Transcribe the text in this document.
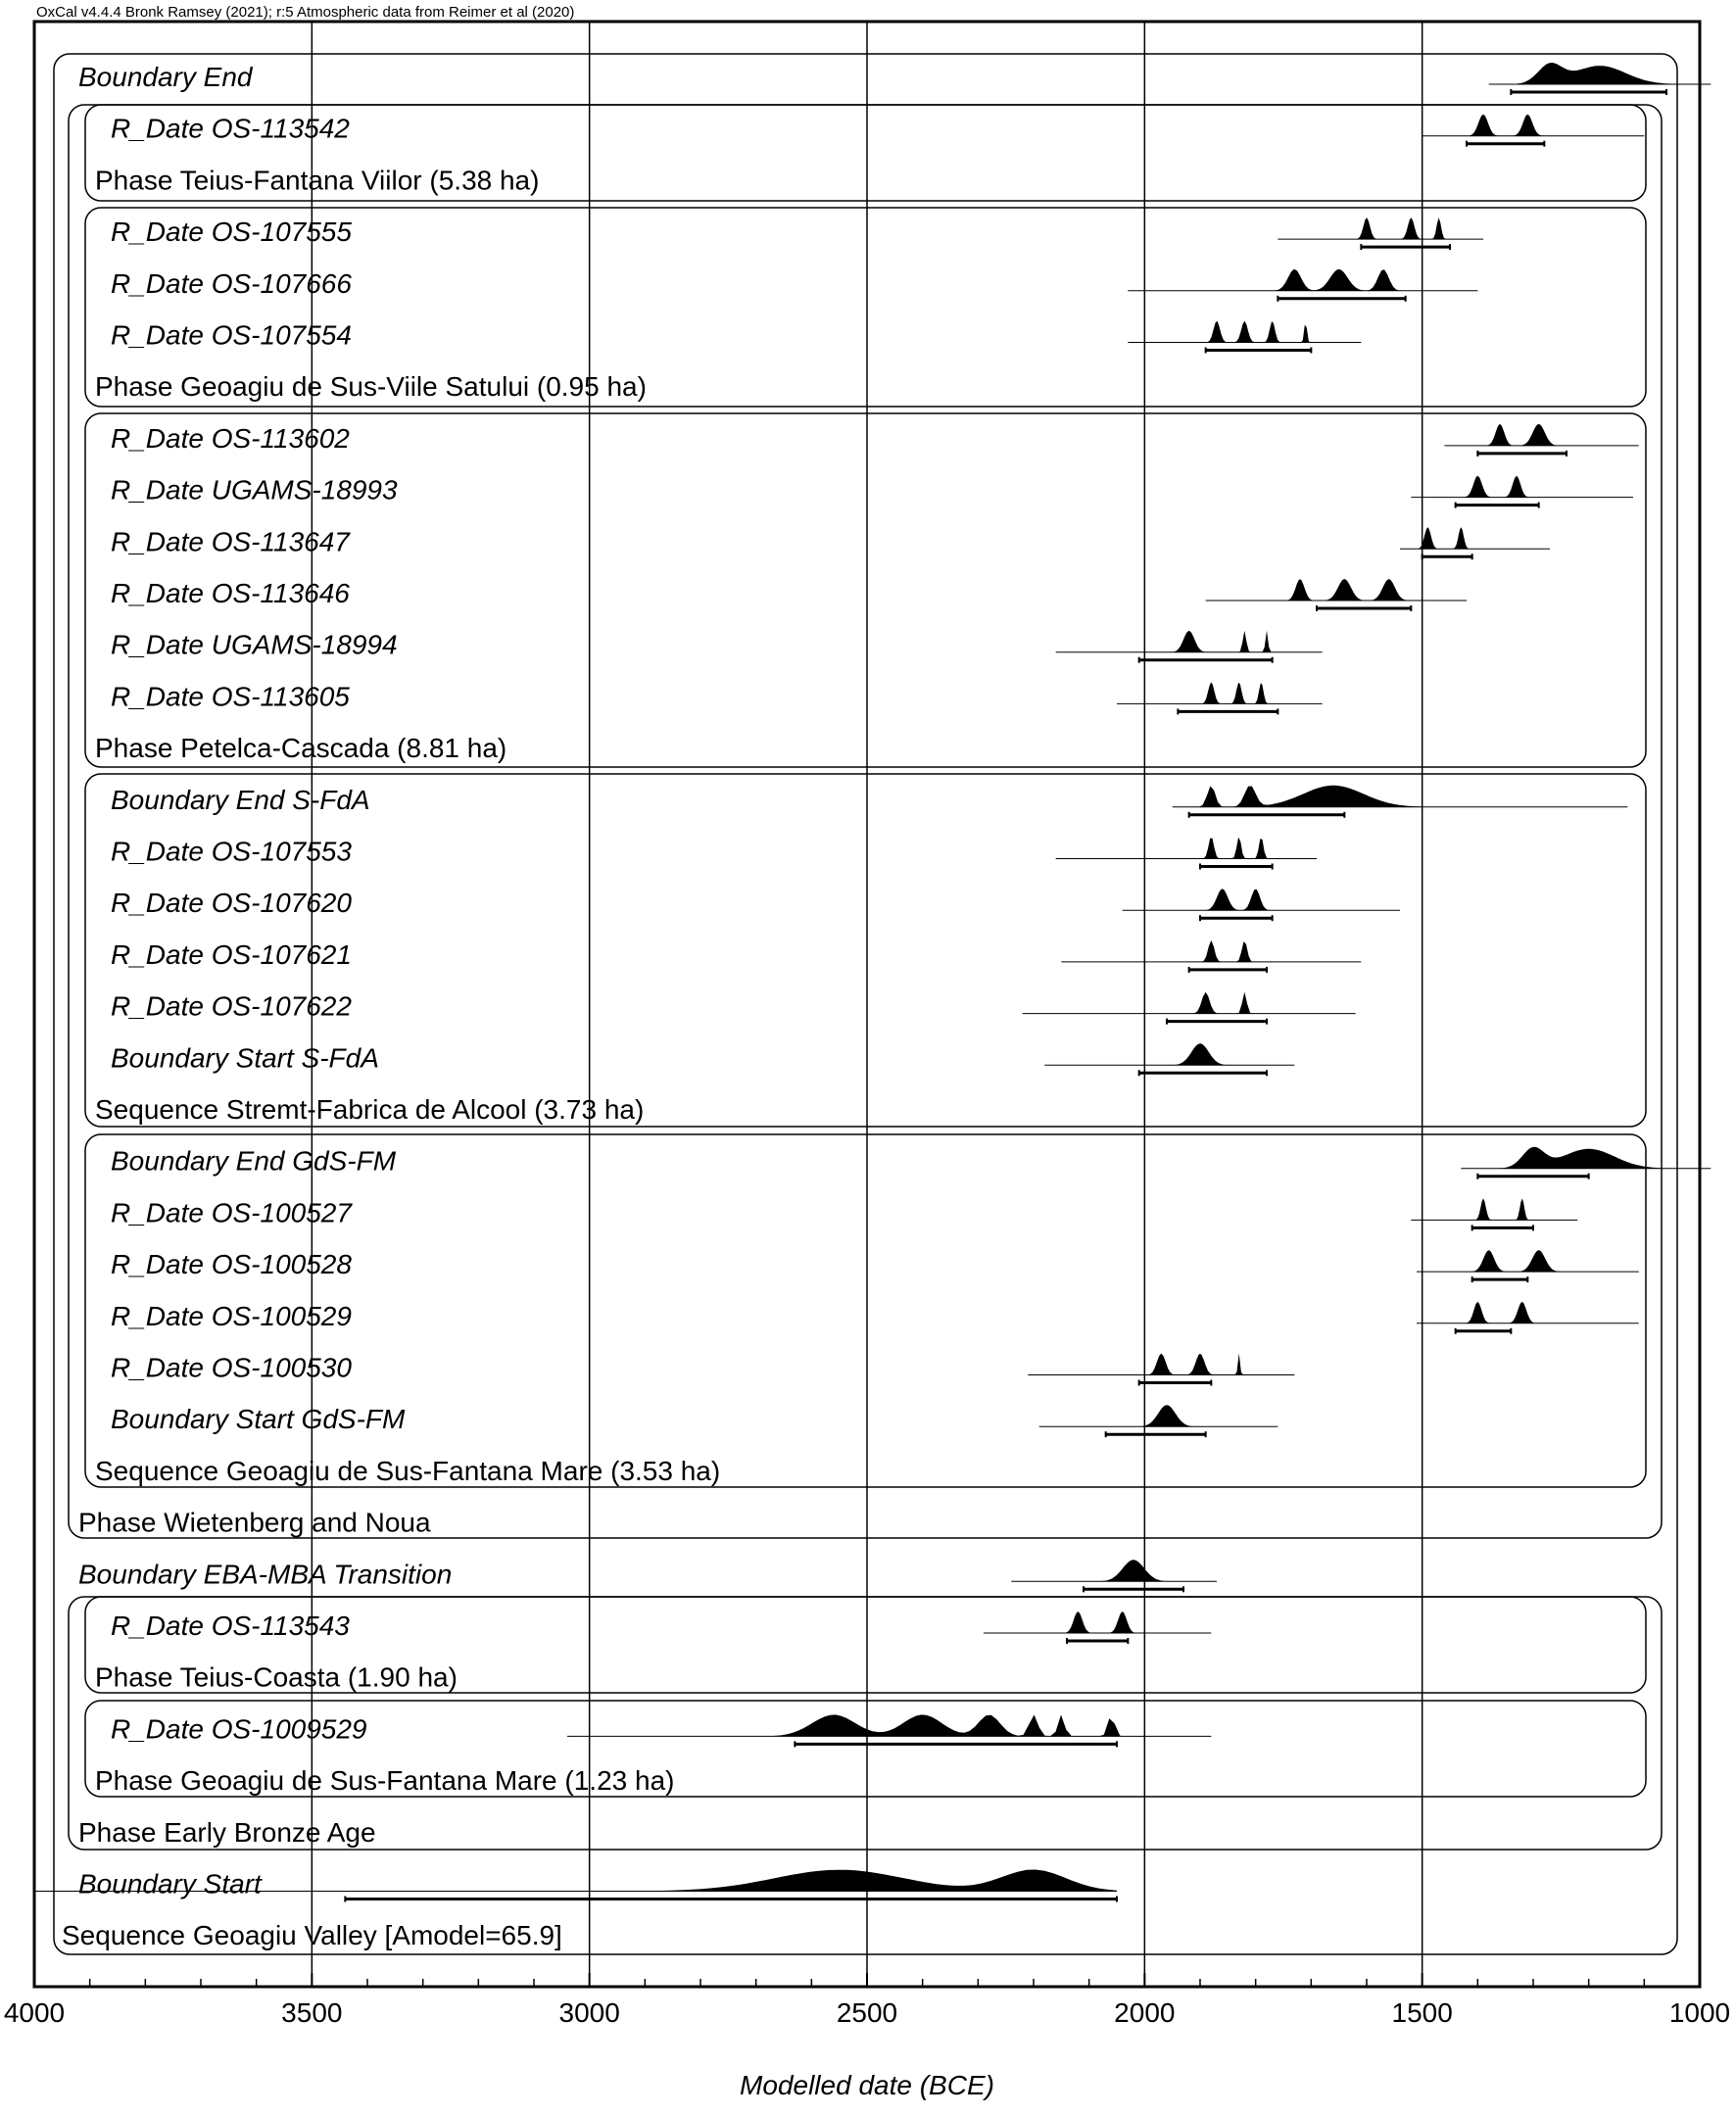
OxCal v4.4.4 Bronk Ramsey (2021); r:5 Atmospheric data from Reimer et al (2020)
4000	3500	3000	2500	2000	1500	1000
Modelled date (BCE)
Boundary End
R_Date OS-113542
Phase Teius-Fantana Viilor (5.38 ha)
R_Date OS-107555
R_Date OS-107666
R_Date OS-107554
Phase Geoagiu de Sus-Viile Satului (0.95 ha)
R_Date OS-113602
R_Date UGAMS-18993
R_Date OS-113647
R_Date OS-113646
R_Date UGAMS-18994
R_Date OS-113605
Phase Petelca-Cascada (8.81 ha)
Boundary End S-FdA
R_Date OS-107553
R_Date OS-107620
R_Date OS-107621
R_Date OS-107622
Boundary Start S-FdA
Sequence Stremt-Fabrica de Alcool (3.73 ha)
Boundary End GdS-FM
R_Date OS-100527
R_Date OS-100528
R_Date OS-100529
R_Date OS-100530
Boundary Start GdS-FM
Sequence Geoagiu de Sus-Fantana Mare (3.53 ha)
Phase Wietenberg and Noua
Boundary EBA-MBA Transition
R_Date OS-113543
Phase Teius-Coasta (1.90 ha)
R_Date OS-1009529
Phase Geoagiu de Sus-Fantana Mare (1.23 ha)
Phase Early Bronze Age
Boundary Start
Sequence Geoagiu Valley [Amodel=65.9]
